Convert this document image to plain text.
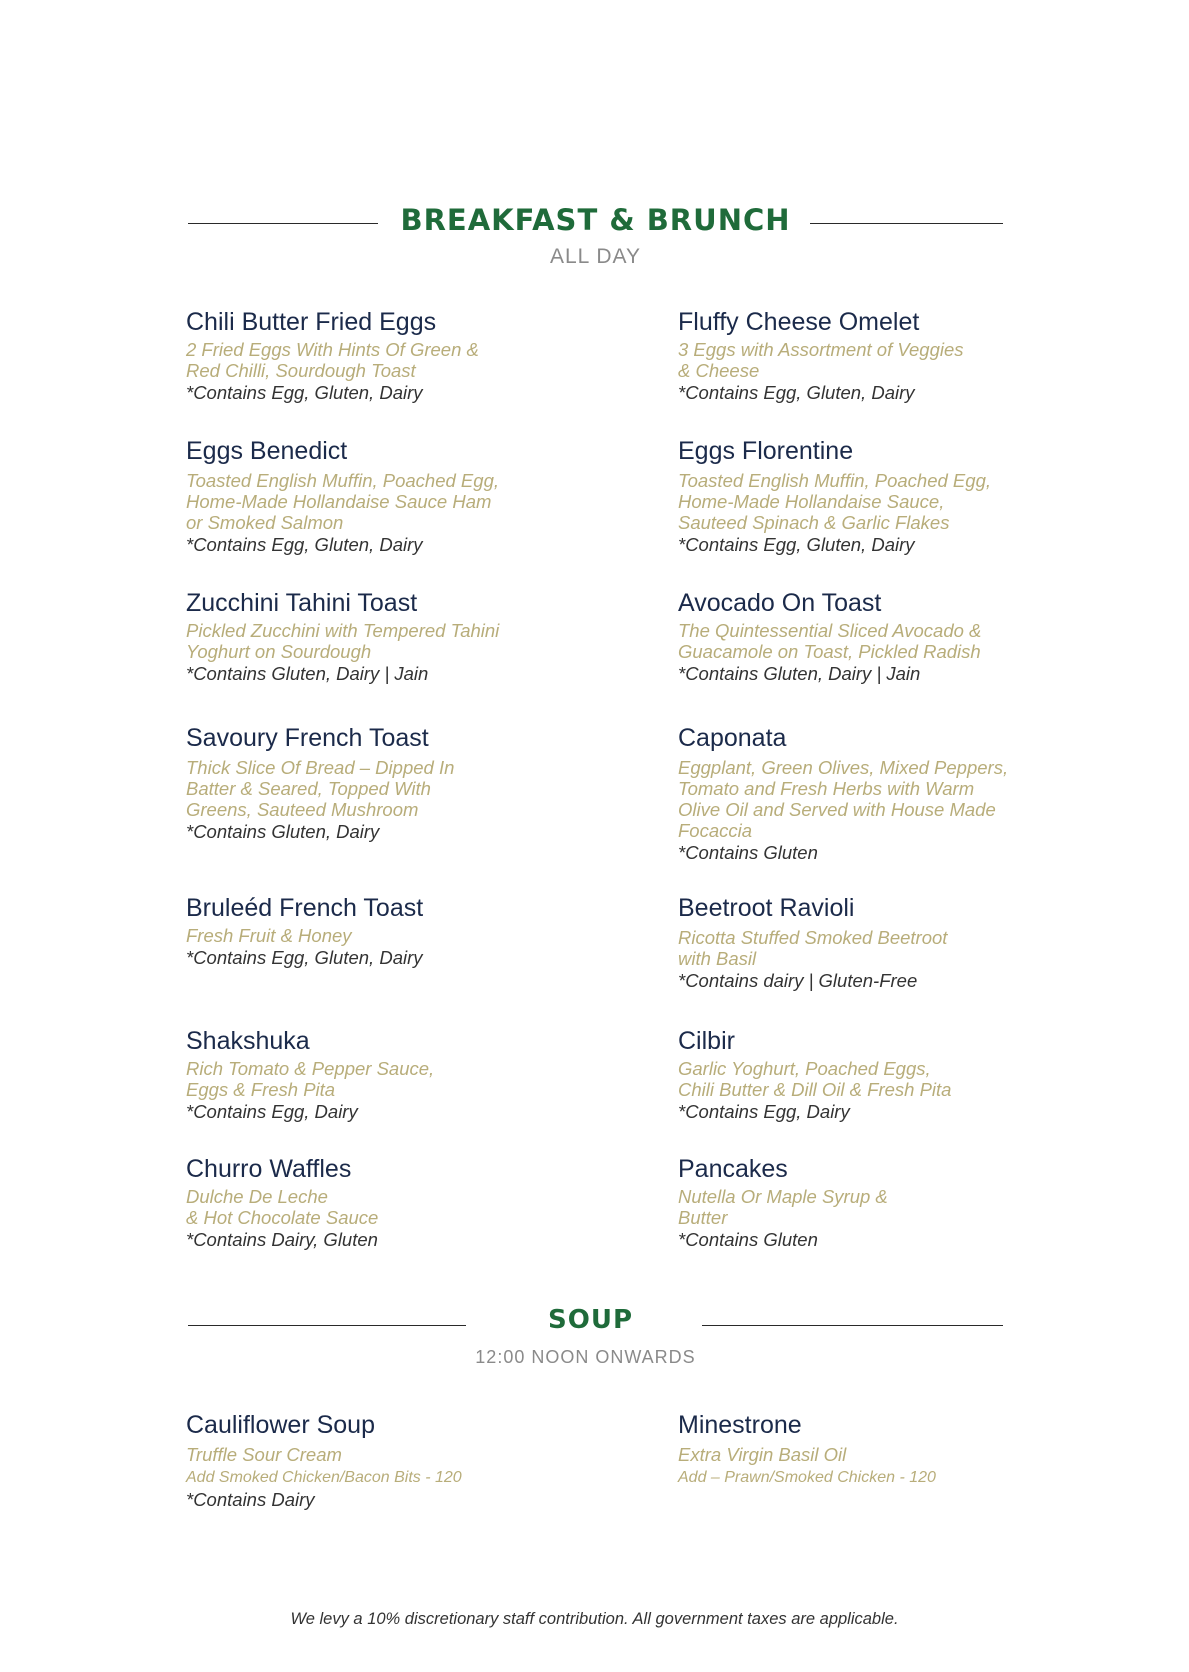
BREAKFAST & BRUNCH
ALL DAY
Chili Butter Fried Eggs
2 Fried Eggs With Hints Of Green &
Red Chilli, Sourdough Toast
*Contains Egg, Gluten, Dairy
Eggs Benedict
Toasted English Muffin, Poached Egg,
Home-Made Hollandaise Sauce Ham
or Smoked Salmon
*Contains Egg, Gluten, Dairy
Zucchini Tahini Toast
Pickled Zucchini with Tempered Tahini
Yoghurt on Sourdough
*Contains Gluten, Dairy | Jain
Savoury French Toast
Thick Slice Of Bread – Dipped In
Batter & Seared, Topped With
Greens, Sauteed Mushroom
*Contains Gluten, Dairy
Bruleéd French Toast
Fresh Fruit & Honey
*Contains Egg, Gluten, Dairy
Shakshuka
Rich Tomato & Pepper Sauce,
Eggs & Fresh Pita
*Contains Egg, Dairy
Churro Waffles
Dulche De Leche
& Hot Chocolate Sauce
*Contains Dairy, Gluten
Fluffy Cheese Omelet
3 Eggs with Assortment of Veggies
& Cheese
*Contains Egg, Gluten, Dairy
Eggs Florentine
Toasted English Muffin, Poached Egg,
Home-Made Hollandaise Sauce,
Sauteed Spinach & Garlic Flakes
*Contains Egg, Gluten, Dairy
Avocado On Toast
The Quintessential Sliced Avocado &
Guacamole on Toast, Pickled Radish
*Contains Gluten, Dairy | Jain
Caponata
Eggplant, Green Olives, Mixed Peppers,
Tomato and Fresh Herbs with Warm
Olive Oil and Served with House Made
Focaccia
*Contains Gluten
Beetroot Ravioli
Ricotta Stuffed Smoked Beetroot
with Basil
*Contains dairy | Gluten-Free
Cilbir
Garlic Yoghurt, Poached Eggs,
Chili Butter & Dill Oil & Fresh Pita
*Contains Egg, Dairy
Pancakes
Nutella Or Maple Syrup &
Butter
*Contains Gluten
SOUP
12:00 NOON ONWARDS
Cauliflower Soup
Truffle Sour Cream
Add Smoked Chicken/Bacon Bits - 120
*Contains Dairy
Minestrone
Extra Virgin Basil Oil
Add – Prawn/Smoked Chicken - 120
We levy a 10% discretionary staff contribution. All government taxes are applicable.
